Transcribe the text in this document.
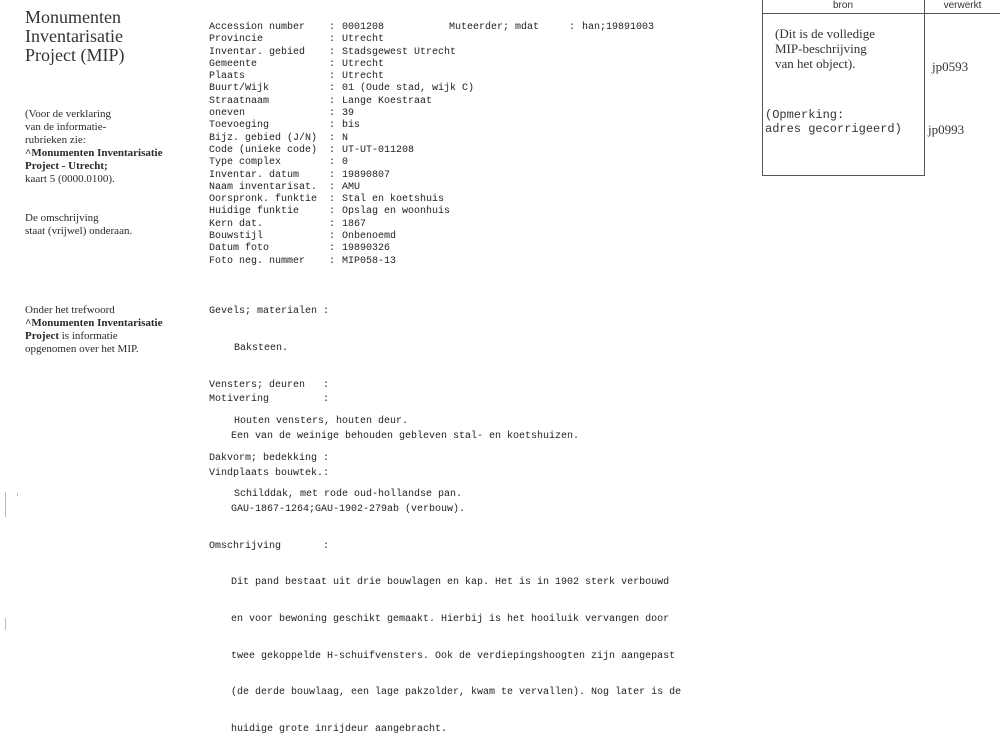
Monumenten Inventarisatie Project (MIP)
(Voor de verklaring
van de informatie-
rubrieken zie:
^Monumenten Inventarisatie
Project - Utrecht;
kaart 5 (0000.0100).
De omschrijving
staat (vrijwel) onderaan.
Onder het trefwoord
^Monumenten Inventarisatie
Project is informatie
opgenomen over het MIP.
Accession number : 0001208	Muteerder; mdat	: han;19891003
Provincie	: Utrecht
Inventar. gebied : Stadsgewest Utrecht
Gemeente	: Utrecht
Plaats	: Utrecht
Buurt/Wijk	: 01 (Oude stad, wijk C)
Straatnaam	: Lange Koestraat
oneven	: 39
Toevoeging	: bis
Bijz. gebied (J/N) : N
Code (unieke code) : UT-UT-011208
Type complex	: 0
Inventar. datum	: 19890807
Naam inventarisat. : AMU
Oorspronk. funktie : Stal en koetshuis
Huidige funktie	: Opslag en woonhuis
Kern dat.	: 1867
Bouwstijl	: Onbenoemd
Datum foto	: 19890326
Foto neg. nummer : MIP058-13

Gevels; materialen :

Baksteen.

Vensters; deuren   :

Houten vensters, houten deur.

Dakvorm; bedekking :

Schilddak, met rode oud-hollandse pan.

Motivering         :

Een van de weinige behouden gebleven stal- en koetshuizen.

Vindplaats bouwtek.:

GAU-1867-1264;GAU-1902-279ab (verbouw).

Omschrijving       :

Dit pand bestaat uit drie bouwlagen en kap. Het is in 1902 sterk verbouwd

en voor bewoning geschikt gemaakt. Hierbij is het hooiluik vervangen door

twee gekoppelde H-schuifvensters. Ook de verdiepingshoogten zijn aangepast

(de derde bouwlaag, een lage pakzolder, kwam te vervallen). Nog later is de

huidige grote inrijdeur aangebracht.

bron	verwerkt
(Dit is de volledige
MIP-beschrijving
van het object).	jp0593
(Opmerking:
adres gecorrigeerd)	jp0993
